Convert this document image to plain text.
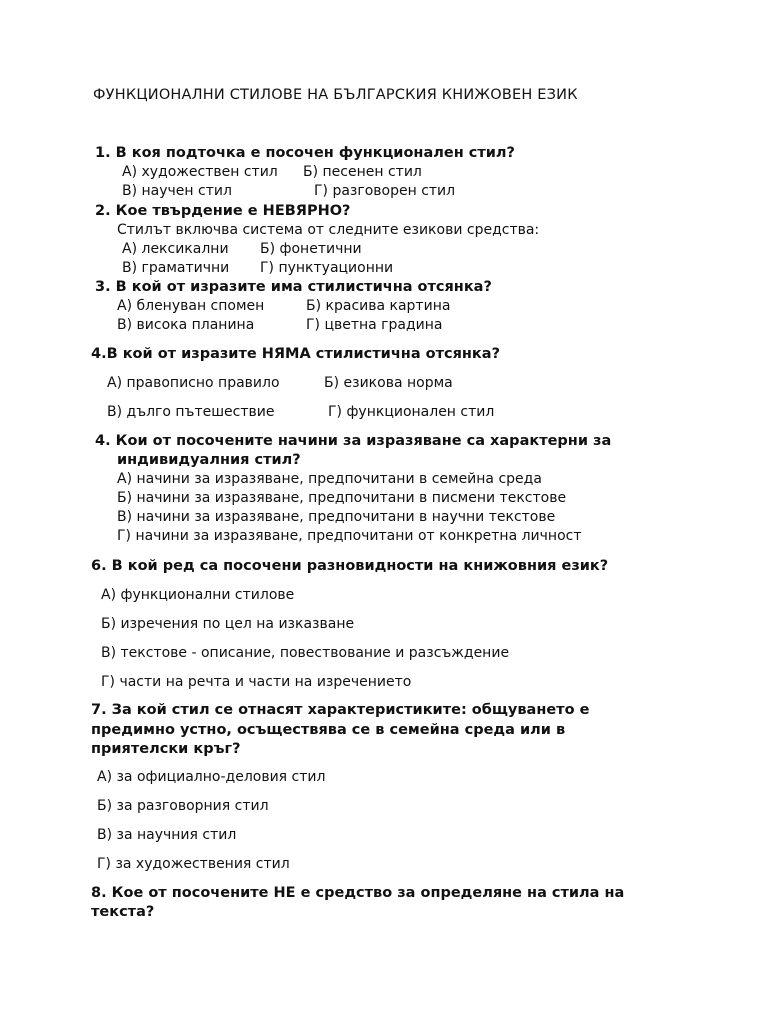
ФУНКЦИОНАЛНИ СТИЛОВЕ НА БЪЛГАРСКИЯ КНИЖОВЕН ЕЗИК
1. В коя подточка е посочен функционален стил?
А) художествен стил Б) песенен стил
В) научен стил	Г) разговорен стил
2. Кое твърдение е НЕВЯРНО?
Стилът включва система от следните езикови средства:
А) лексикални Б) фонетични
В) граматични Г) пунктуационни
3. В кой от изразите има стилистична отсянка?
А) бленуван спомен	Б) красива картина
В) висока планина	Г) цветна градина
4.В кой от изразите НЯМА стилистична отсянка?
А) правописно правило	Б) езикова норма
В) дълго пътешествие	Г) функционален стил
4. Кои от посочените начини за изразяване са характерни за
индивидуалния стил?
А) начини за изразяване, предпочитани в семейна среда
Б) начини за изразяване, предпочитани в писмени текстове
В) начини за изразяване, предпочитани в научни текстове
Г) начини за изразяване, предпочитани от конкретна личност
6. В кой ред са посочени разновидности на книжовния език?
А) функционални стилове
Б) изречения по цел на изказване
В) текстове - описание, повествование и разсъждение
Г) части на речта и части на изречението
7. За кой стил се отнасят характеристиките: общуването е
предимно устно, осъществява се в семейна среда или в
приятелски кръг?
А) за официално-деловия стил
Б) за разговорния стил
В) за научния стил
Г) за художествения стил
8. Кое от посочените НЕ е средство за определяне на стила на
текста?
